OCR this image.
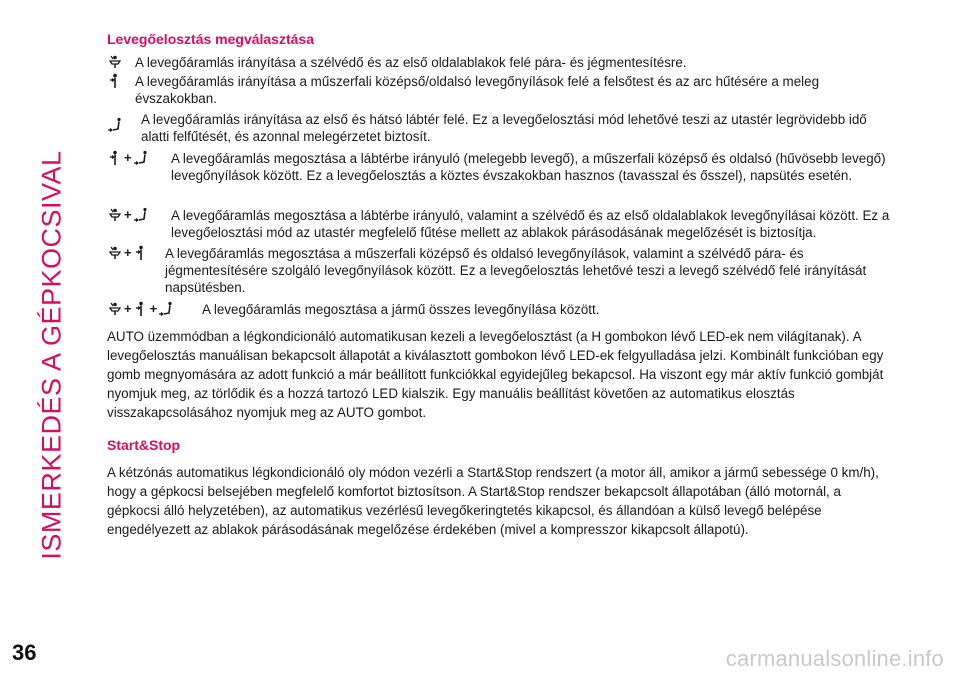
ISMERKEDÉS A GÉPKOCSIVAL
Levegőelosztás megválasztása
A levegőáramlás irányítása a szélvédő és az első oldalablakok felé pára- és jégmentesítésre.
A levegőáramlás irányítása a műszerfali középső/oldalsó levegőnyílások felé a felsőtest és az arc hűtésére a meleg évszakokban.
A levegőáramlás irányítása az első és hátsó lábtér felé. Ez a levegőelosztási mód lehetővé teszi az utastér legrövidebb idő alatti felfűtését, és azonnal melegérzetet biztosít.
+	A levegőáramlás megosztása a lábtérbe irányuló (melegebb levegő), a műszerfali középső és oldalsó (hűvösebb levegő) levegőnyílások között. Ez a levegőelosztás a köztes évszakokban hasznos (tavasszal és ősszel), napsütés esetén.
+	A levegőáramlás megosztása a lábtérbe irányuló, valamint a szélvédő és az első oldalablakok levegőnyílásai között. Ez a levegőelosztási mód az utastér megfelelő fűtése mellett az ablakok párásodásának megelőzését is biztosítja.
+ A levegőáramlás megosztása a műszerfali középső és oldalsó levegőnyílások, valamint a szélvédő pára- és jégmentesítésére szolgáló levegőnyílások között. Ez a levegőelosztás lehetővé teszi a levegő szélvédő felé irányítását napsütésben.
+ +	A levegőáramlás megosztása a jármű összes levegőnyílása között.
AUTO üzemmódban a légkondicionáló automatikusan kezeli a levegőelosztást (a H gombokon lévő LED-ek nem világítanak). A levegőelosztás manuálisan bekapcsolt állapotát a kiválasztott gombokon lévő LED-ek felgyulladása jelzi. Kombinált funkcióban egy gomb megnyomására az adott funkció a már beállított funkciókkal egyidejűleg bekapcsol. Ha viszont egy már aktív funkció gombját nyomjuk meg, az törlődik és a hozzá tartozó LED kialszik. Egy manuális beállítást követően az automatikus elosztás visszakapcsolásához nyomjuk meg az AUTO gombot.
Start&Stop
A kétzónás automatikus légkondicionáló oly módon vezérli a Start&Stop rendszert (a motor áll, amikor a jármű sebessége 0 km/h), hogy a gépkocsi belsejében megfelelő komfortot biztosítson. A Start&Stop rendszer bekapcsolt állapotában (álló motornál, a gépkocsi álló helyzetében), az automatikus vezérlésű levegőkeringtetés kikapcsol, és állandóan a külső levegő belépése engedélyezett az ablakok párásodásának megelőzése érdekében (mivel a kompresszor kikapcsolt állapotú).
36	carmanualsonline.info
